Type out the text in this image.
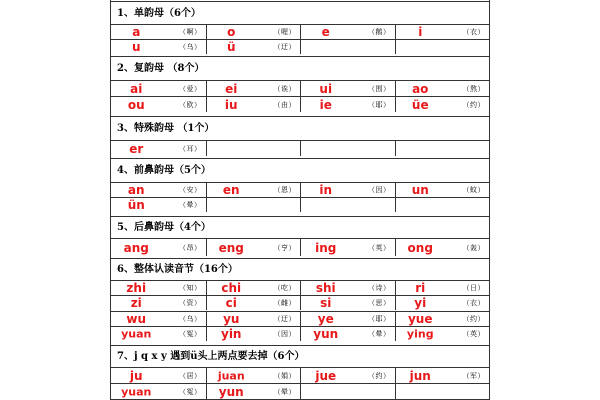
1、单韵母（6个）
a	（啊）	o	（喔）	e	（鹅）	i	（衣）
u	（乌）	ü	（迂）
2、复韵母 （8个）
ai	（爱）	ei	（诶）	ui	（围）	ao	（熬）
ou	（欧）	iu	（由）	ie	（耶）	üe	（约）
3、特殊韵母 （1个）
er	（耳）
4、前鼻韵母（5个）
an	（安）	en	（恩）	in	（因）	un	（蚊）
ün	（晕）
5、后鼻韵母（4个）
ang	（昂）	eng	（亨）	ing	（英）	ong	（轰）
6、整体认读音节（16个）
zhi	（知）	chi	（吃）	shi	（诗）	ri	（日）
zi	（资）	ci	（雌）	si	（思）	yi	（衣）
wu	（乌）	yu	（迂）	ye	（耶）	yue	（约）
yuan	（冤）	yin	（因）	yun	（晕）	ying	（英）
7、j q x y 遇到ü头上两点要去掉（6个）
ju	（居）	juan	（娟）	jue	（约）	jun	（军）
yuan	（冤）	yun	（晕）
